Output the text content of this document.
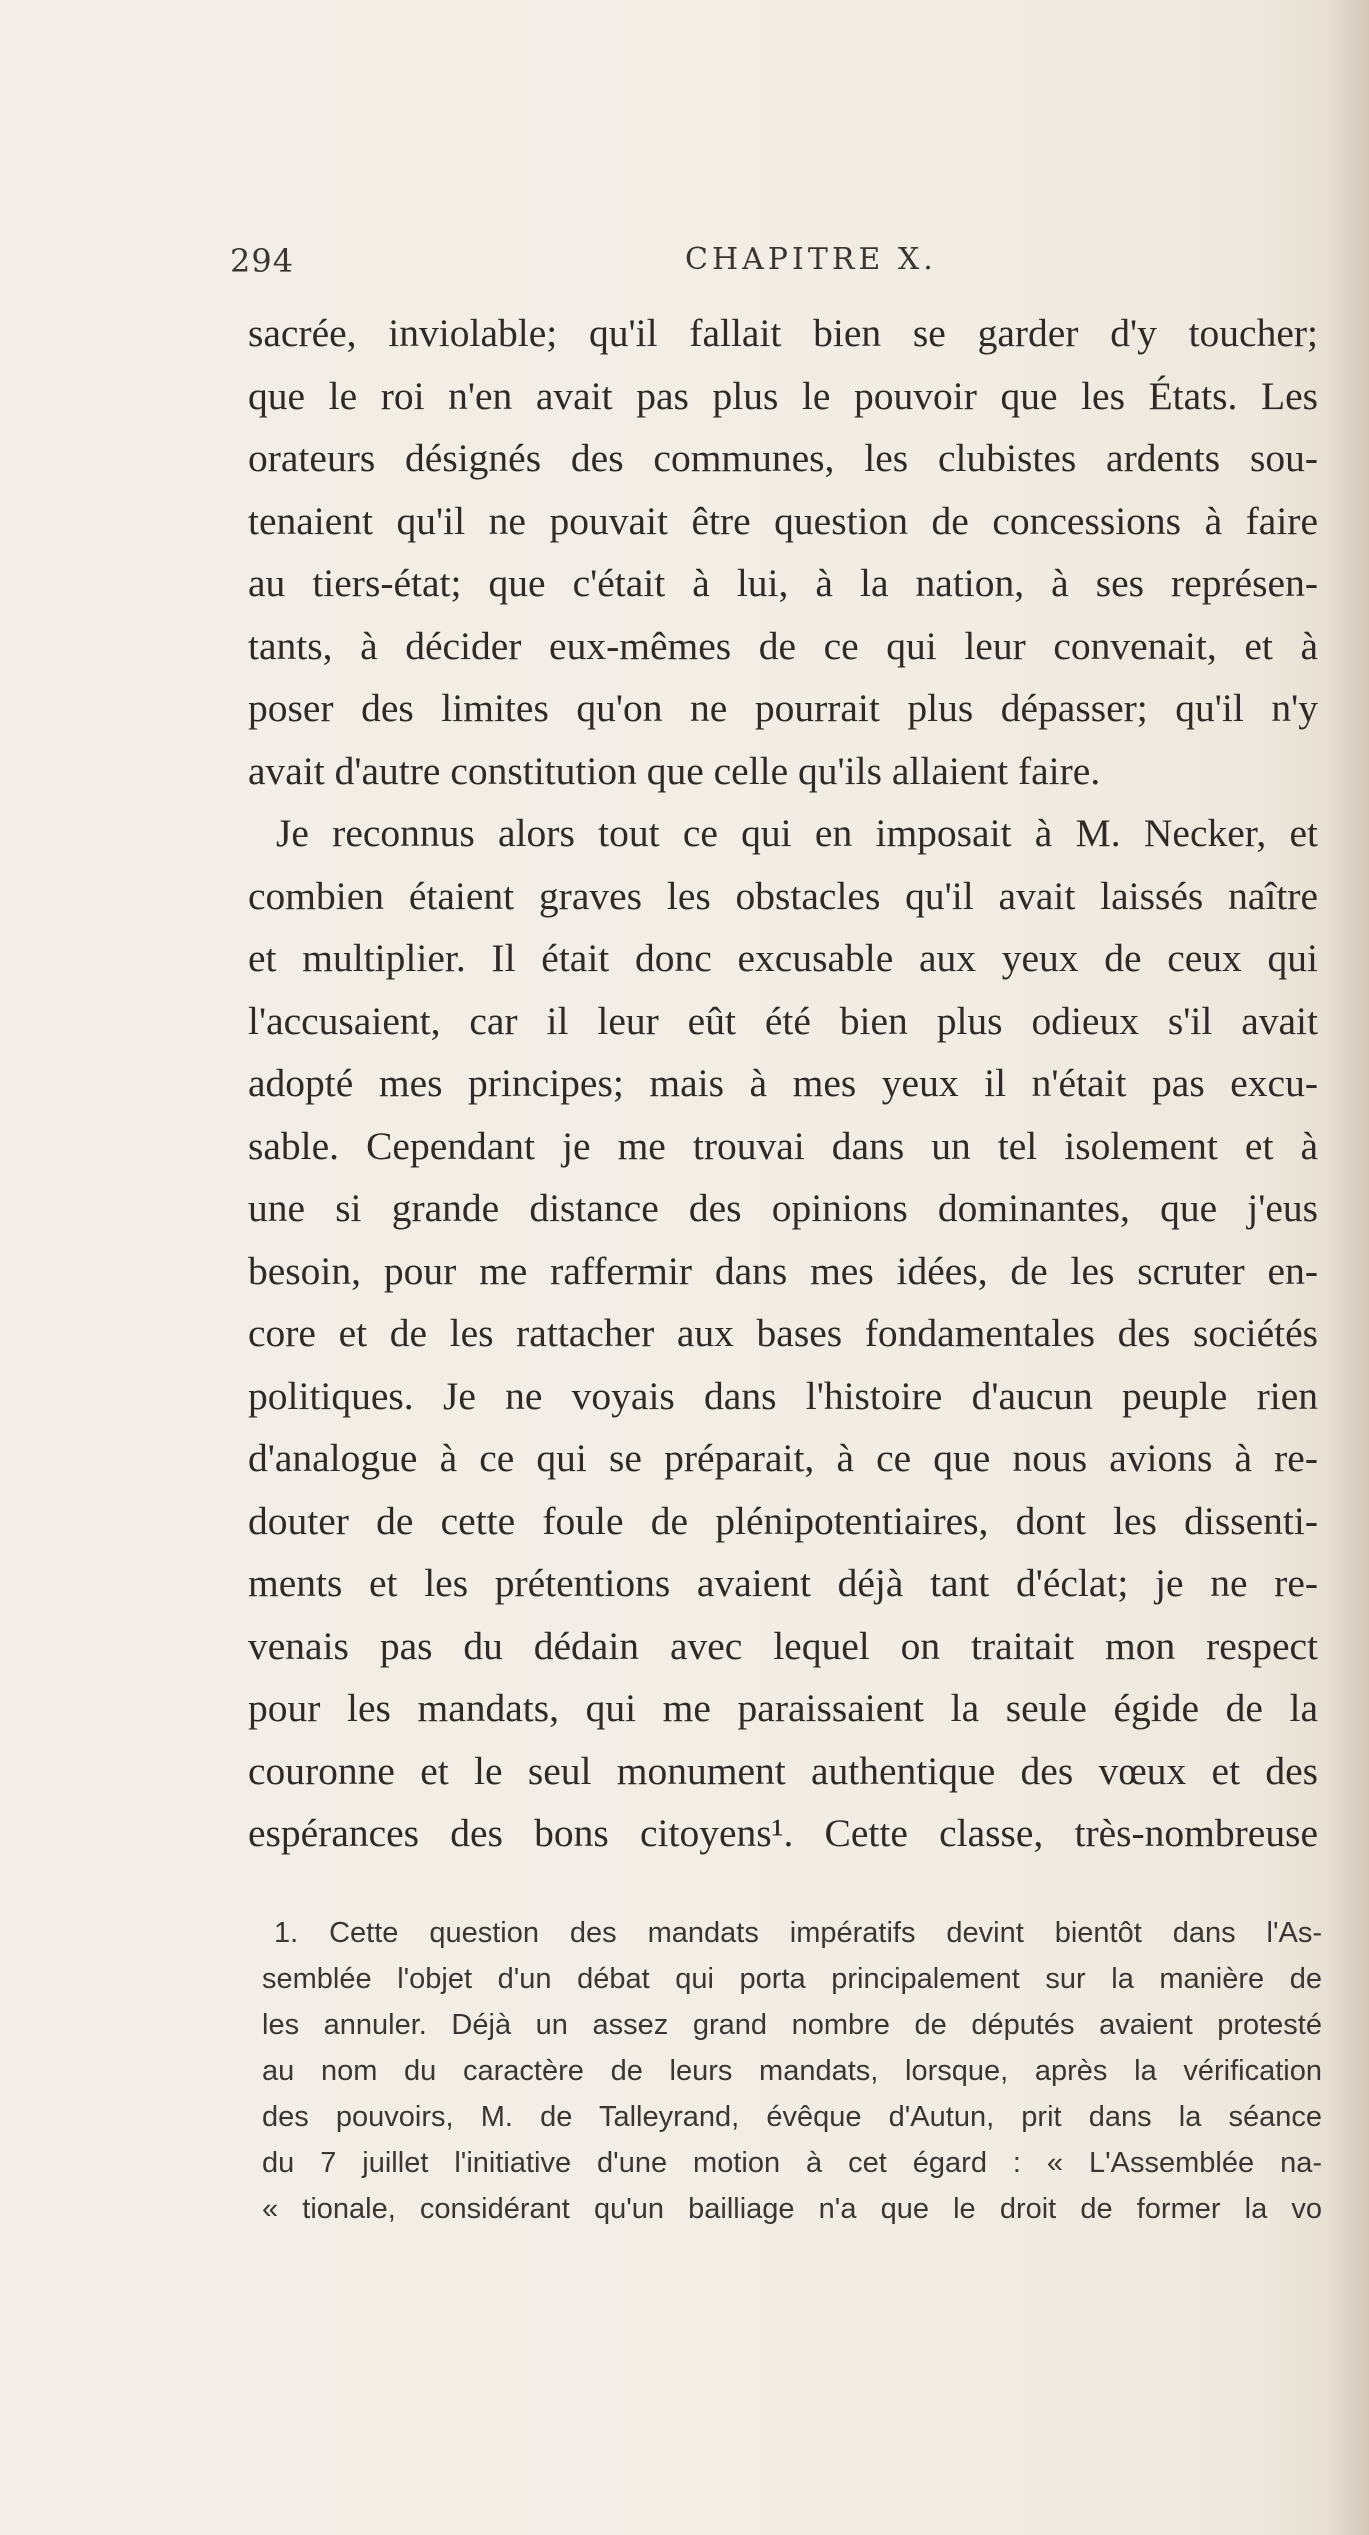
294	CHAPITRE X.
sacrée, inviolable; qu'il fallait bien se garder d'y toucher;
que le roi n'en avait pas plus le pouvoir que les États. Les
orateurs désignés des communes, les clubistes ardents sou-
tenaient qu'il ne pouvait être question de concessions à faire
au tiers-état; que c'était à lui, à la nation, à ses représen-
tants, à décider eux-mêmes de ce qui leur convenait, et à
poser des limites qu'on ne pourrait plus dépasser; qu'il n'y
avait d'autre constitution que celle qu'ils allaient faire.
Je reconnus alors tout ce qui en imposait à M. Necker, et
combien étaient graves les obstacles qu'il avait laissés naître
et multiplier. Il était donc excusable aux yeux de ceux qui
l'accusaient, car il leur eût été bien plus odieux s'il avait
adopté mes principes; mais à mes yeux il n'était pas excu-
sable. Cependant je me trouvai dans un tel isolement et à
une si grande distance des opinions dominantes, que j'eus
besoin, pour me raffermir dans mes idées, de les scruter en-
core et de les rattacher aux bases fondamentales des sociétés
politiques. Je ne voyais dans l'histoire d'aucun peuple rien
d'analogue à ce qui se préparait, à ce que nous avions à re-
douter de cette foule de plénipotentiaires, dont les dissenti-
ments et les prétentions avaient déjà tant d'éclat; je ne re-
venais pas du dédain avec lequel on traitait mon respect
pour les mandats, qui me paraissaient la seule égide de la
couronne et le seul monument authentique des vœux et des
espérances des bons citoyens¹. Cette classe, très-nombreuse
1. Cette question des mandats impératifs devint bientôt dans l'As-
semblée l'objet d'un débat qui porta principalement sur la manière de
les annuler. Déjà un assez grand nombre de députés avaient protesté
au nom du caractère de leurs mandats, lorsque, après la vérification
des pouvoirs, M. de Talleyrand, évêque d'Autun, prit dans la séance
du 7 juillet l'initiative d'une motion à cet égard : « L'Assemblée na-
« tionale, considérant qu'un bailliage n'a que le droit de former la vo
